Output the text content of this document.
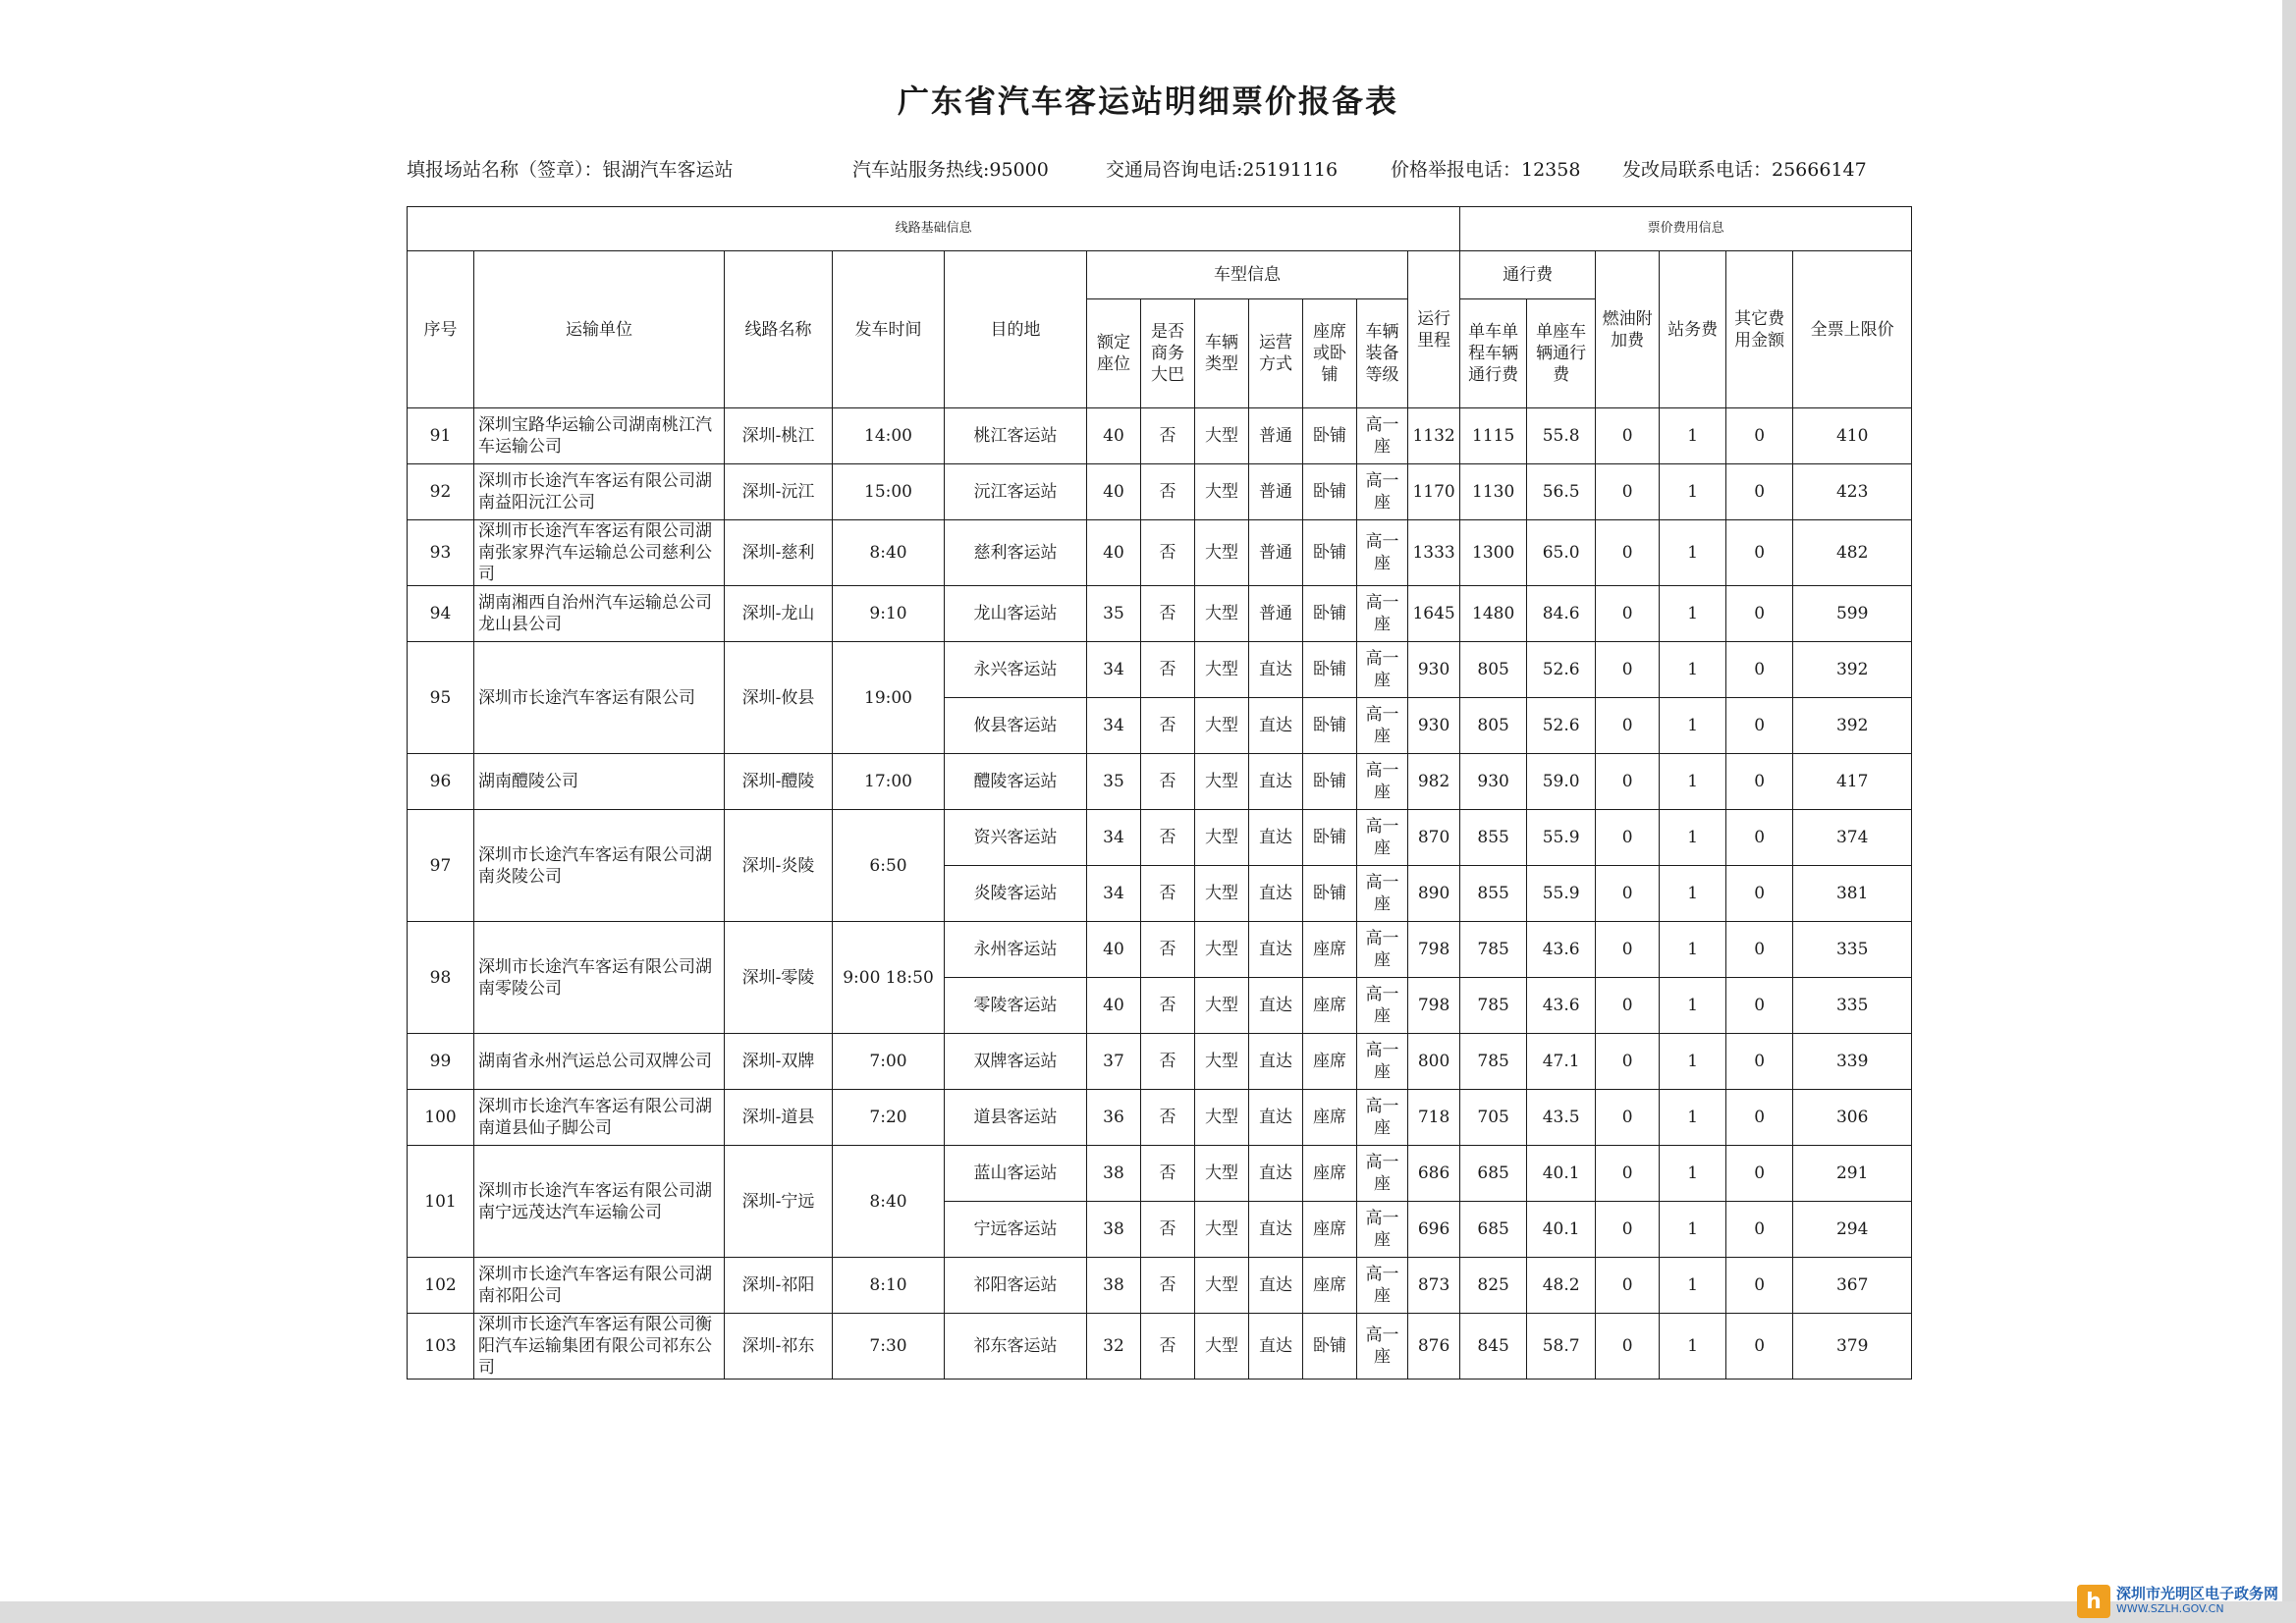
广东省汽车客运站明细票价报备表
填报场站名称（签章）：银湖汽车客运站	汽车站服务热线:95000	交通局咨询电话:25191116	价格举报电话：12358 发改局联系电话：25666147
线路基础信息												票价费用信息					
序号	运输单位	线路名称	发车时间	目的地	车型信息						运行里程	通行费		燃油附加费	站务费	其它费用金额	全票上限价
					额定座位	是否商务大巴	车辆类型	运营方式	座席或卧铺	车辆装备等级		单车单程车辆通行费	单座车辆通行费				
91	深圳宝路华运输公司湖南桃江汽车运输公司	深圳-桃江	14:00	桃江客运站	40	否	大型	普通	卧铺	高一座	1132	1115	55.8	0	1	0	410
92	深圳市长途汽车客运有限公司湖南益阳沅江公司	深圳-沅江	15:00	沅江客运站	40	否	大型	普通	卧铺	高一座	1170	1130	56.5	0	1	0	423
93	深圳市长途汽车客运有限公司湖南张家界汽车运输总公司慈利公司	深圳-慈利	8:40	慈利客运站	40	否	大型	普通	卧铺	高一座	1333	1300	65.0	0	1	0	482
94	湖南湘西自治州汽车运输总公司龙山县公司	深圳-龙山	9:10	龙山客运站	35	否	大型	普通	卧铺	高一座	1645	1480	84.6	0	1	0	599
95	深圳市长途汽车客运有限公司	深圳-攸县	19:00	永兴客运站	34	否	大型	直达	卧铺	高一座	930	805	52.6	0	1	0	392
				攸县客运站	34	否	大型	直达	卧铺	高一座	930	805	52.6	0	1	0	392
96	湖南醴陵公司	深圳-醴陵	17:00	醴陵客运站	35	否	大型	直达	卧铺	高一座	982	930	59.0	0	1	0	417
97	深圳市长途汽车客运有限公司湖南炎陵公司	深圳-炎陵	6:50	资兴客运站	34	否	大型	直达	卧铺	高一座	870	855	55.9	0	1	0	374
				炎陵客运站	34	否	大型	直达	卧铺	高一座	890	855	55.9	0	1	0	381
98	深圳市长途汽车客运有限公司湖南零陵公司	深圳-零陵	9:00 18:50	永州客运站	40	否	大型	直达	座席	高一座	798	785	43.6	0	1	0	335
				零陵客运站	40	否	大型	直达	座席	高一座	798	785	43.6	0	1	0	335
99	湖南省永州汽运总公司双牌公司	深圳-双牌	7:00	双牌客运站	37	否	大型	直达	座席	高一座	800	785	47.1	0	1	0	339
100	深圳市长途汽车客运有限公司湖南道县仙子脚公司	深圳-道县	7:20	道县客运站	36	否	大型	直达	座席	高一座	718	705	43.5	0	1	0	306
101	深圳市长途汽车客运有限公司湖南宁远茂达汽车运输公司	深圳-宁远	8:40	蓝山客运站	38	否	大型	直达	座席	高一座	686	685	40.1	0	1	0	291
				宁远客运站	38	否	大型	直达	座席	高一座	696	685	40.1	0	1	0	294
102	深圳市长途汽车客运有限公司湖南祁阳公司	深圳-祁阳	8:10	祁阳客运站	38	否	大型	直达	座席	高一座	873	825	48.2	0	1	0	367
103	深圳市长途汽车客运有限公司衡阳汽车运输集团有限公司祁东公司	深圳-祁东	7:30	祁东客运站	32	否	大型	直达	卧铺	高一座	876	845	58.7	0	1	0	379
h	深圳市光明区电子政务网
WWW.SZLH.GOV.CN
